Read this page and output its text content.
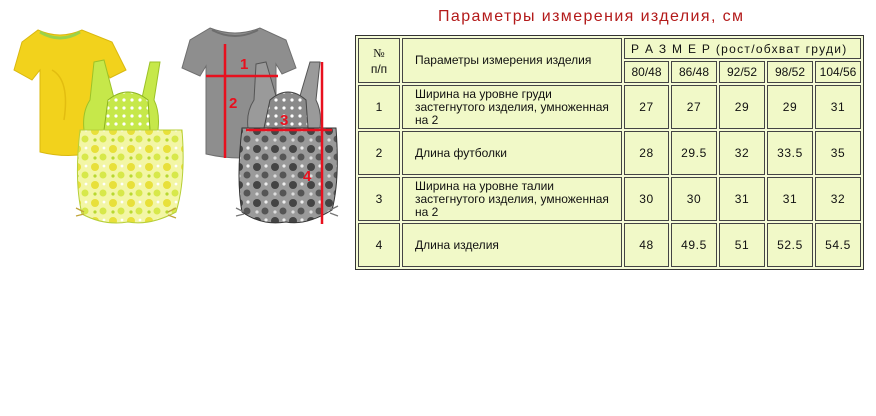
Параметры измерения изделия, см
1
2
3
4
№
п/п	Параметры измерения изделия	Р А З М Е Р (рост/обхват груди)				
		80/48	86/48	92/52	98/52	104/56
1	Ширина на уровне груди застегнутого изделия, умноженная на 2	27	27	29	29	31
2	Длина футболки	28	29.5	32	33.5	35
3	Ширина на уровне талии застегнутого изделия, умноженная на 2	30	30	31	31	32
4	Длина изделия	48	49.5	51	52.5	54.5
